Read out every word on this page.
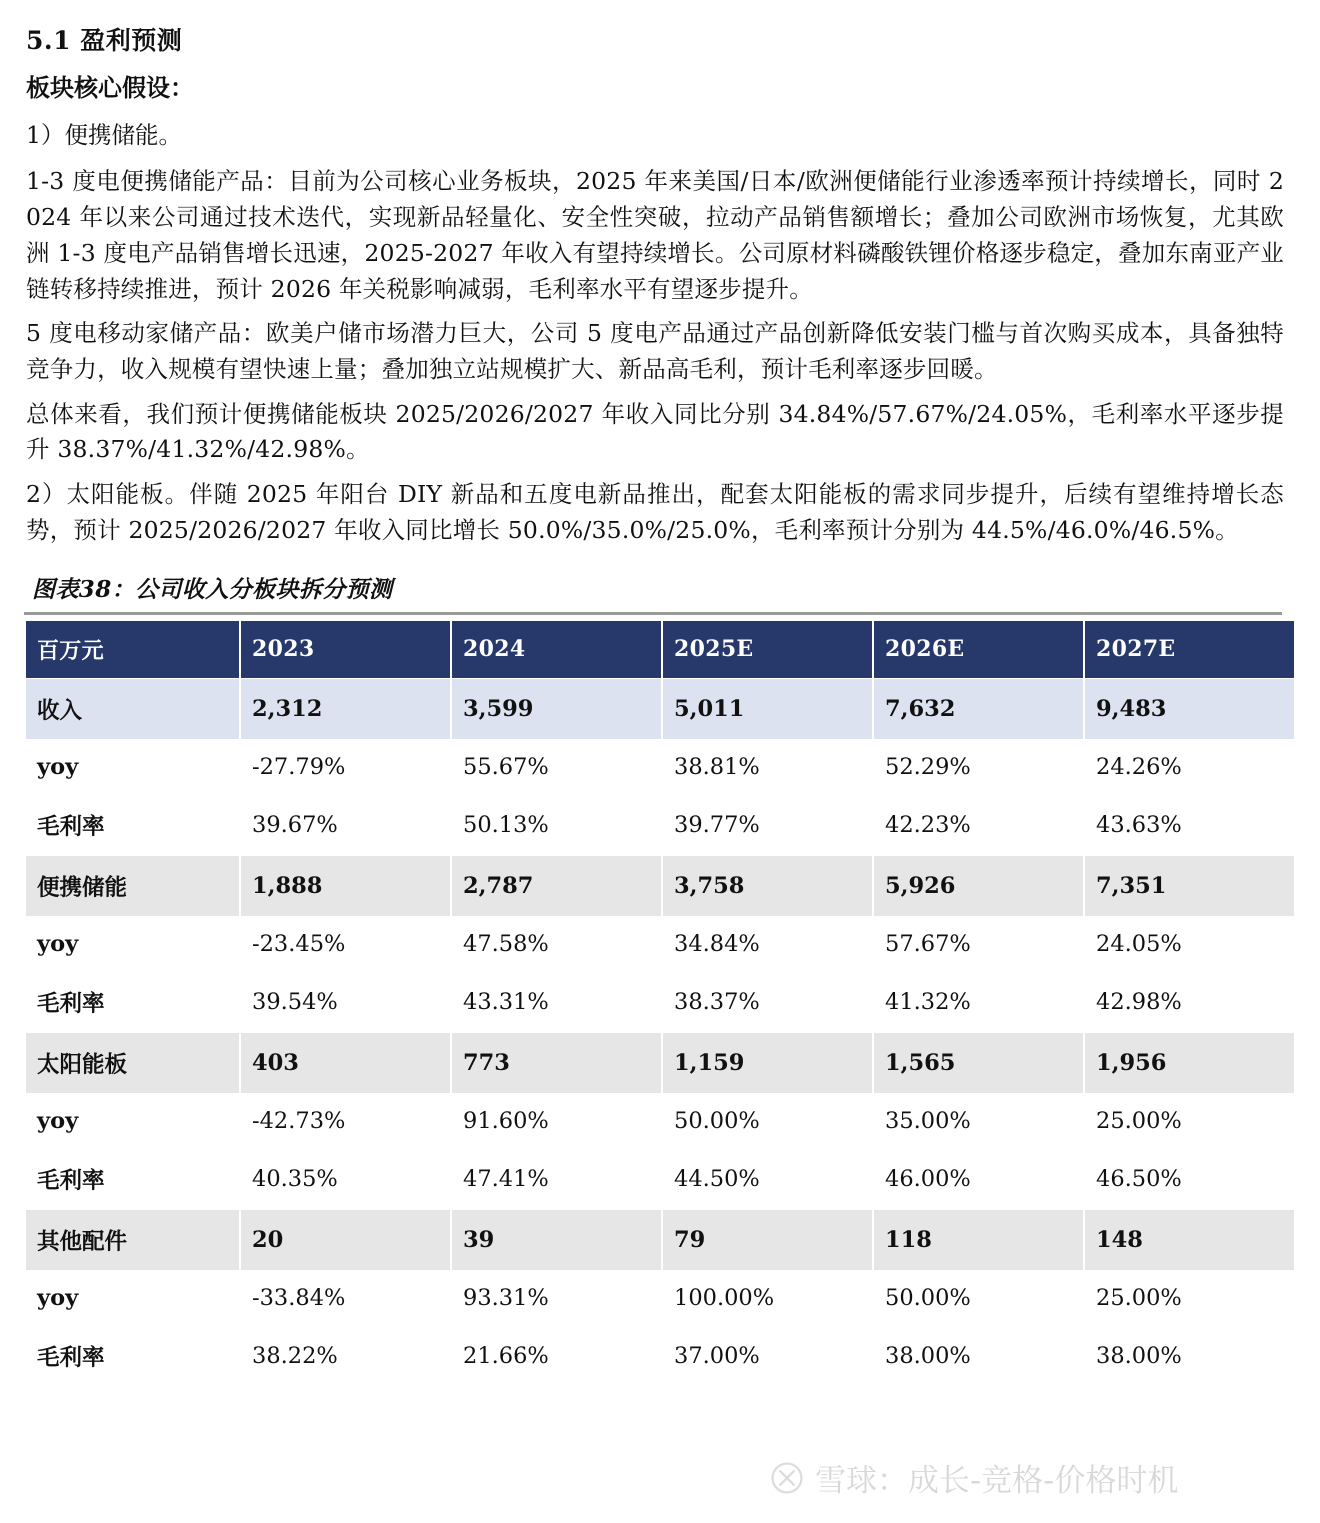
5.1 盈利预测
板块核心假设：

1）便携储能。

1-3 度电便携储能产品：目前为公司核心业务板块，2025 年来美国/日本/欧洲便储能行业渗透率预计持续增长，同时 2024 年以来公司通过技术迭代，实现新品轻量化、安全性突破，拉动产品销售额增长；叠加公司欧洲市场恢复，尤其欧洲 1-3 度电产品销售增长迅速，2025-2027 年收入有望持续增长。公司原材料磷酸铁锂价格逐步稳定，叠加东南亚产业链转移持续推进，预计 2026 年关税影响减弱，毛利率水平有望逐步提升。

5 度电移动家储产品：欧美户储市场潜力巨大，公司 5 度电产品通过产品创新降低安装门槛与首次购买成本，具备独特竞争力，收入规模有望快速上量；叠加独立站规模扩大、新品高毛利，预计毛利率逐步回暖。

总体来看，我们预计便携储能板块 2025/2026/2027 年收入同比分别 34.84%/57.67%/24.05%，毛利率水平逐步提升 38.37%/41.32%/42.98%。

2）太阳能板。伴随 2025 年阳台 DIY 新品和五度电新品推出，配套太阳能板的需求同步提升，后续有望维持增长态势，预计 2025/2026/2027 年收入同比增长 50.0%/35.0%/25.0%，毛利率预计分别为 44.5%/46.0%/46.5%。

图表38：公司收入分板块拆分预测
百万元	2023	2024	2025E	2026E	2027E
收入	2,312	3,599	5,011	7,632	9,483
yoy	-27.79%	55.67%	38.81%	52.29%	24.26%
毛利率	39.67%	50.13%	39.77%	42.23%	43.63%
便携储能	1,888	2,787	3,758	5,926	7,351
yoy	-23.45%	47.58%	34.84%	57.67%	24.05%
毛利率	39.54%	43.31%	38.37%	41.32%	42.98%
太阳能板	403	773	1,159	1,565	1,956
yoy	-42.73%	91.60%	50.00%	35.00%	25.00%
毛利率	40.35%	47.41%	44.50%	46.00%	46.50%
其他配件	20	39	79	118	148
yoy	-33.84%	93.31%	100.00%	50.00%	25.00%
毛利率	38.22%	21.66%	37.00%	38.00%	38.00%
雪球：成长-竞格-价格时机
